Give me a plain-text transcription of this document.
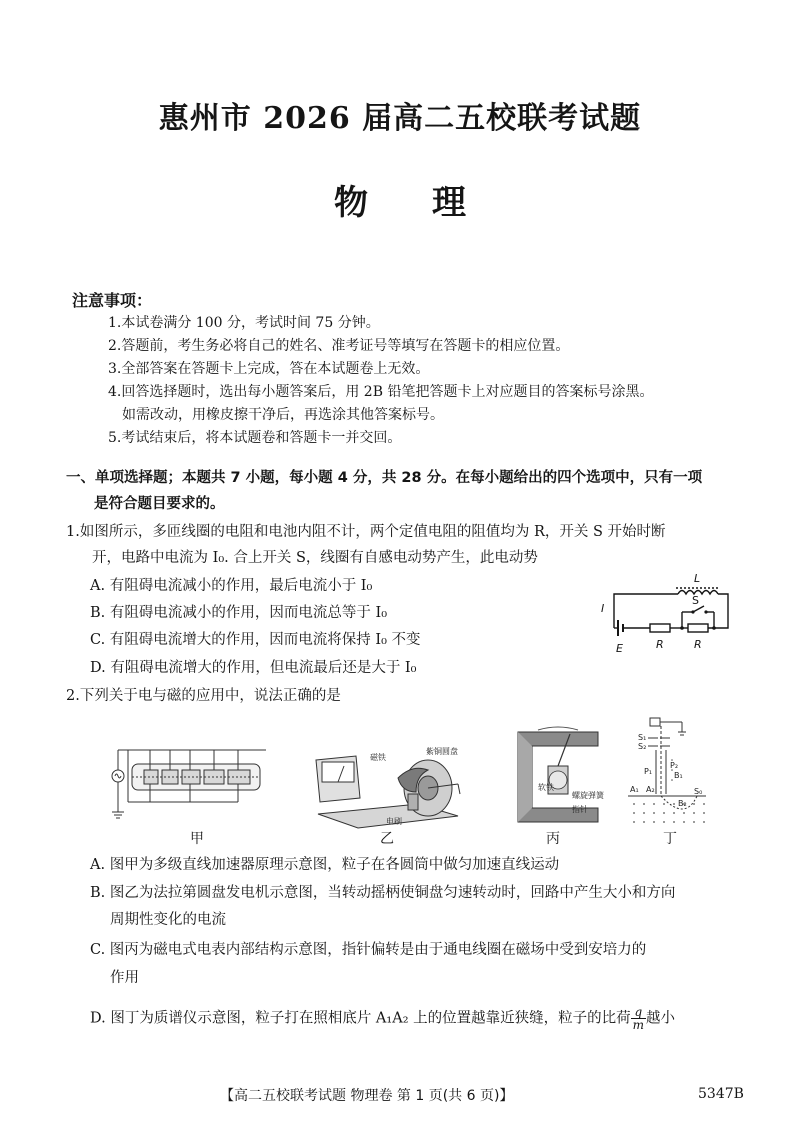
惠州市 2026 届高二五校联考试题
物 理
注意事项：
1.本试卷满分 100 分，考试时间 75 分钟。
2.答题前，考生务必将自己的姓名、准考证号等填写在答题卡的相应位置。
3.全部答案在答题卡上完成，答在本试题卷上无效。
4.回答选择题时，选出每小题答案后，用 2B 铅笔把答题卡上对应题目的答案标号涂黑。
如需改动，用橡皮擦干净后，再选涂其他答案标号。
5.考试结束后，将本试题卷和答题卡一并交回。
一、单项选择题；本题共 7 小题，每小题 4 分，共 28 分。在每小题给出的四个选项中，只有一项
是符合题目要求的。
1.如图所示，多匝线圈的电阻和电池内阻不计，两个定值电阻的阻值均为 R，开关 S 开始时断
开，电路中电流为 I₀. 合上开关 S，线圈有自感电动势产生，此电动势
A. 有阻碍电流减小的作用，最后电流小于 I₀
B. 有阻碍电流减小的作用，因而电流总等于 I₀
C. 有阻碍电流增大的作用，因而电流将保持 I₀ 不变
D. 有阻碍电流增大的作用，但电流最后还是大于 I₀
L
I
S
E	R	R
2.下列关于电与磁的应用中，说法正确的是
甲
磁铁
紫铜圆盘
电刷
乙
软铁
螺旋弹簧
指针
丙
S₁
S₂
P₁
P₂
B₁
A₁ A₂	S₀
B₂
丁
A. 图甲为多级直线加速器原理示意图，粒子在各圆筒中做匀加速直线运动
B. 图乙为法拉第圆盘发电机示意图，当转动摇柄使铜盘匀速转动时，回路中产生大小和方向
周期性变化的电流
C. 图丙为磁电式电表内部结构示意图，指针偏转是由于通电线圈在磁场中受到安培力的
作用
D. 图丁为质谱仪示意图，粒子打在照相底片 A₁A₂ 上的位置越靠近狭缝，粒子的比荷 $\frac{q}{m}$ 越小
【高二五校联考试题 物理卷 第 1 页(共 6 页)】	5347B
